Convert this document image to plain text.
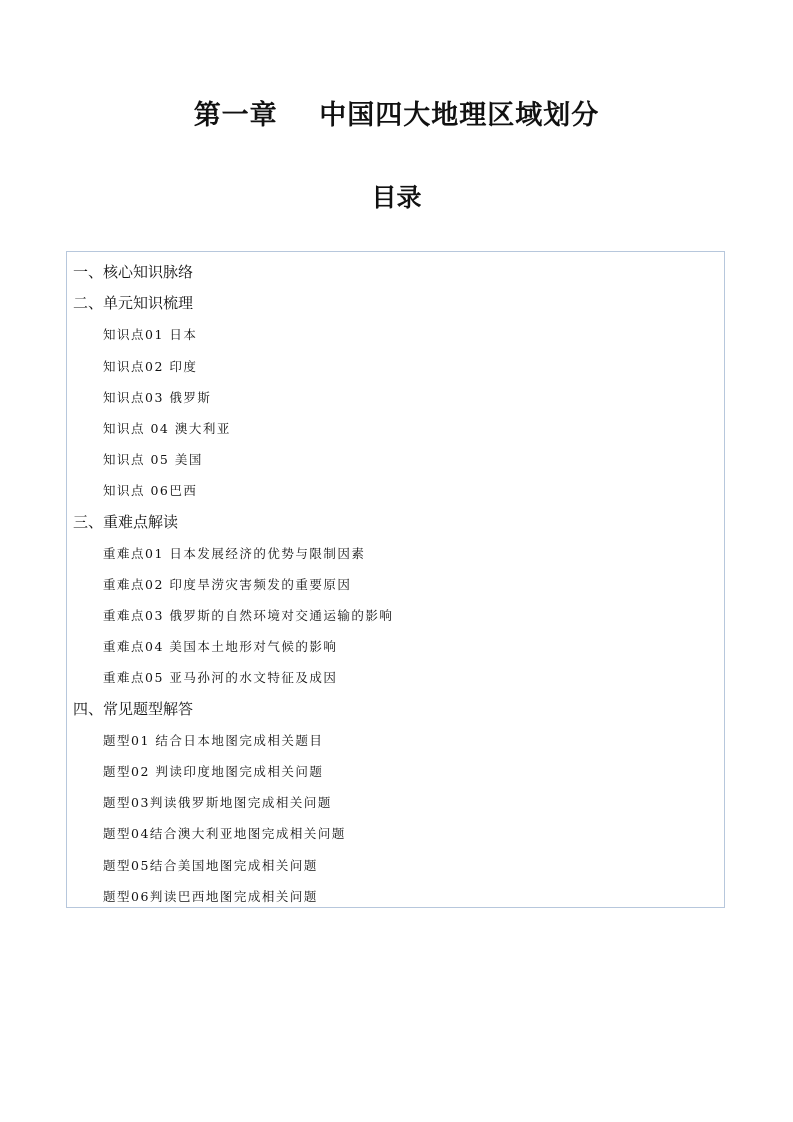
第一章    中国四大地理区域划分
目录
一、核心知识脉络
二、单元知识梳理
知识点01 日本
知识点02 印度
知识点03 俄罗斯
知识点 04 澳大利亚
知识点 05 美国
知识点 06巴西
三、重难点解读
重难点01 日本发展经济的优势与限制因素
重难点02 印度旱涝灾害频发的重要原因
重难点03 俄罗斯的自然环境对交通运输的影响
重难点04 美国本土地形对气候的影响
重难点05 亚马孙河的水文特征及成因
四、常见题型解答
题型01 结合日本地图完成相关题目
题型02 判读印度地图完成相关问题
题型03判读俄罗斯地图完成相关问题
题型04结合澳大利亚地图完成相关问题
题型05结合美国地图完成相关问题
题型06判读巴西地图完成相关问题
